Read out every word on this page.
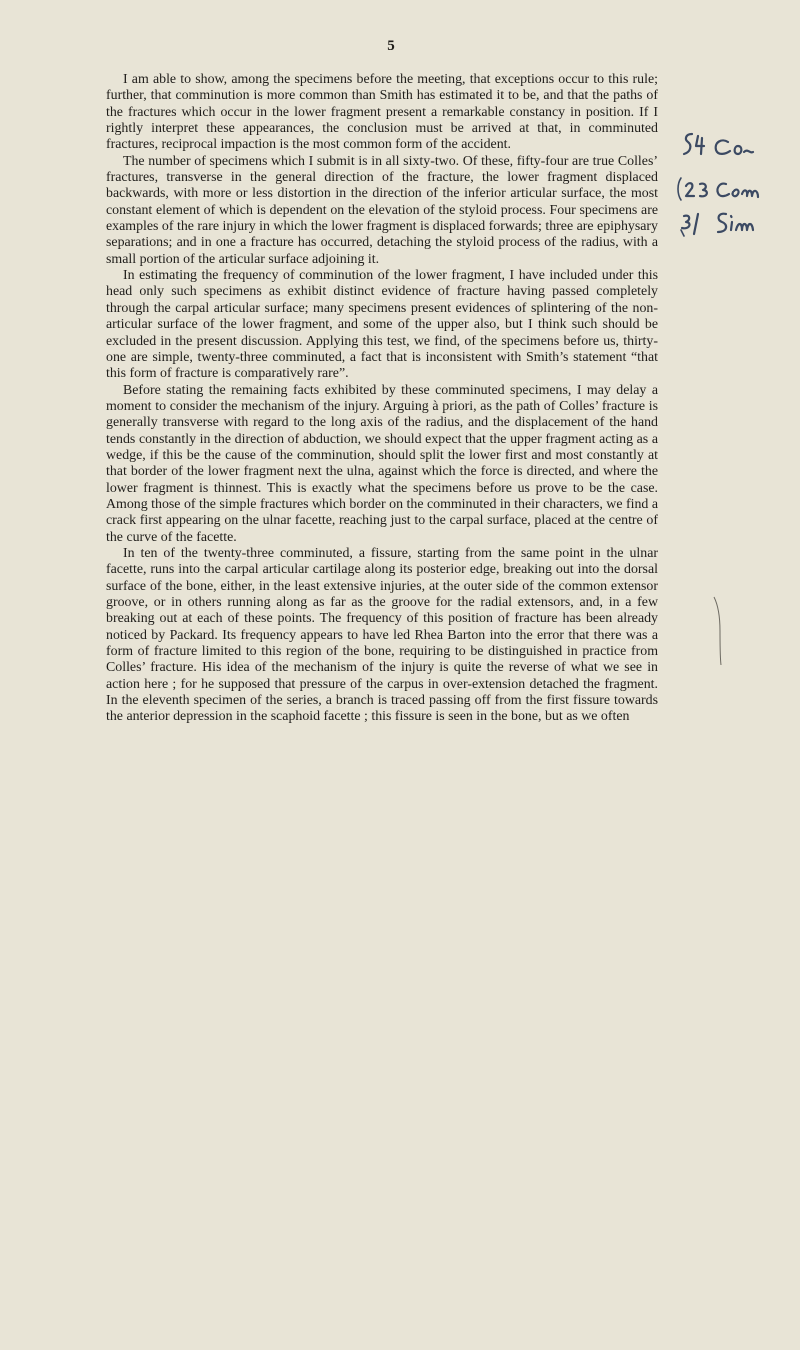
5

I am able to show, among the specimens before the meeting, that exceptions occur to this rule; further, that comminution is more common than Smith has estimated it to be, and that the paths of the fractures which occur in the lower fragment present a remarkable constancy in position. If I rightly interpret these appearances, the conclusion must be arrived at that, in comminuted fractures, reciprocal impaction is the most common form of the accident.

The number of specimens which I submit is in all sixty-two. Of these, fifty-four are true Colles’ fractures, transverse in the general direction of the fracture, the lower fragment displaced backwards, with more or less distortion in the direction of the inferior articular surface, the most constant element of which is dependent on the elevation of the styloid process. Four specimens are examples of the rare injury in which the lower fragment is displaced forwards; three are epiphysary separations; and in one a fracture has occurred, detaching the styloid process of the radius, with a small portion of the articular surface adjoining it.

In estimating the frequency of comminution of the lower fragment, I have included under this head only such specimens as exhibit distinct evidence of fracture having passed completely through the carpal articular surface; many specimens present evidences of splintering of the non-articular surface of the lower fragment, and some of the upper also, but I think such should be excluded in the present discussion. Applying this test, we find, of the specimens before us, thirty-one are simple, twenty-three comminuted, a fact that is inconsistent with Smith’s statement “that this form of fracture is comparatively rare”.

Before stating the remaining facts exhibited by these comminuted specimens, I may delay a moment to consider the mechanism of the injury. Arguing à priori, as the path of Colles’ fracture is generally transverse with regard to the long axis of the radius, and the displacement of the hand tends constantly in the direction of abduction, we should expect that the upper fragment acting as a wedge, if this be the cause of the comminution, should split the lower first and most constantly at that border of the lower fragment next the ulna, against which the force is directed, and where the lower fragment is thinnest. This is exactly what the specimens before us prove to be the case. Among those of the simple fractures which border on the comminuted in their characters, we find a crack first appearing on the ulnar facette, reaching just to the carpal surface, placed at the centre of the curve of the facette.

In ten of the twenty-three comminuted, a fissure, starting from the same point in the ulnar facette, runs into the carpal articular cartilage along its posterior edge, breaking out into the dorsal surface of the bone, either, in the least extensive injuries, at the outer side of the common extensor groove, or in others running along as far as the groove for the radial extensors, and, in a few breaking out at each of these points. The frequency of this position of fracture has been already noticed by Packard. Its frequency appears to have led Rhea Barton into the error that there was a form of fracture limited to this region of the bone, requiring to be distinguished in practice from Colles’ fracture. His idea of the mechanism of the injury is quite the reverse of what we see in action here ; for he supposed that pressure of the carpus in over-extension detached the fragment. In the eleventh specimen of the series, a branch is traced passing off from the first fissure towards the anterior depression in the scaphoid facette ; this fissure is seen in the bone, but as we often
